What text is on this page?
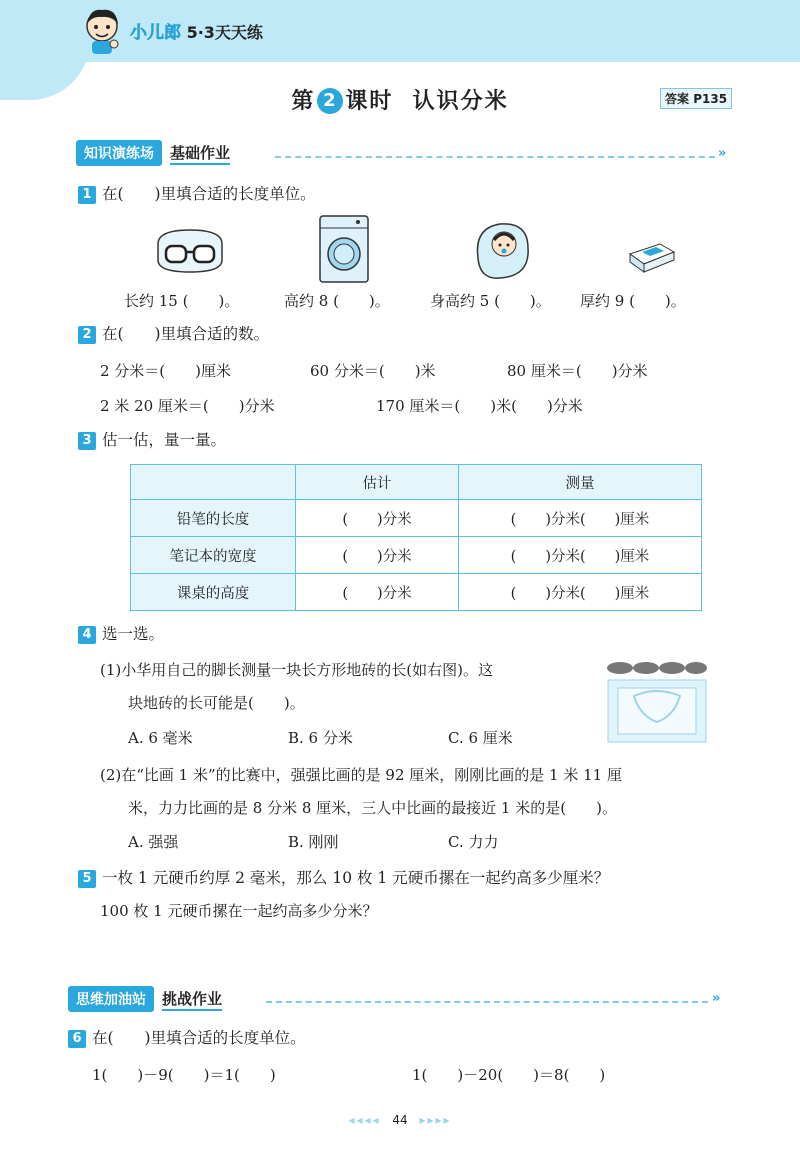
小儿郎 5·3天天练
第 2 课时  认识分米	答案 P135
知识演练场 基础作业	»
1 在(　　)里填合适的长度单位。
长约 15 (　　)。	高约 8 (　　)。	身高约 5 (　　)。 厚约 9 (　　)。
2 在(　　)里填合适的数。
2 分米＝(　　)厘米	60 分米＝(　　)米	80 厘米＝(　　)分米
2 米 20 厘米＝(　　)分米	170 厘米＝(　　)米(　　)分米
3 估一估，量一量。
	估计	测量
铅笔的长度	(　　)分米	(　　)分米(　　)厘米
笔记本的宽度	(　　)分米	(　　)分米(　　)厘米
课桌的高度	(　　)分米	(　　)分米(　　)厘米
4 选一选。
(1)小华用自己的脚长测量一块长方形地砖的长(如右图)。这
块地砖的长可能是(　　)。
A. 6 毫米	B. 6 分米	C. 6 厘米
(2)在“比画 1 米”的比赛中，强强比画的是 92 厘米，刚刚比画的是 1 米 11 厘
米，力力比画的是 8 分米 8 厘米，三人中比画的最接近 1 米的是(　　)。
A. 强强	B. 刚刚	C. 力力
5 一枚 1 元硬币约厚 2 毫米，那么 10 枚 1 元硬币摞在一起约高多少厘米？
100 枚 1 元硬币摞在一起约高多少分米？
思维加油站 挑战作业	»
6 在(　　)里填合适的长度单位。
1(　　)－9(　　)＝1(　　)	1(　　)－20(　　)＝8(　　)
◂◂◂◂ 44 ▸▸▸▸
